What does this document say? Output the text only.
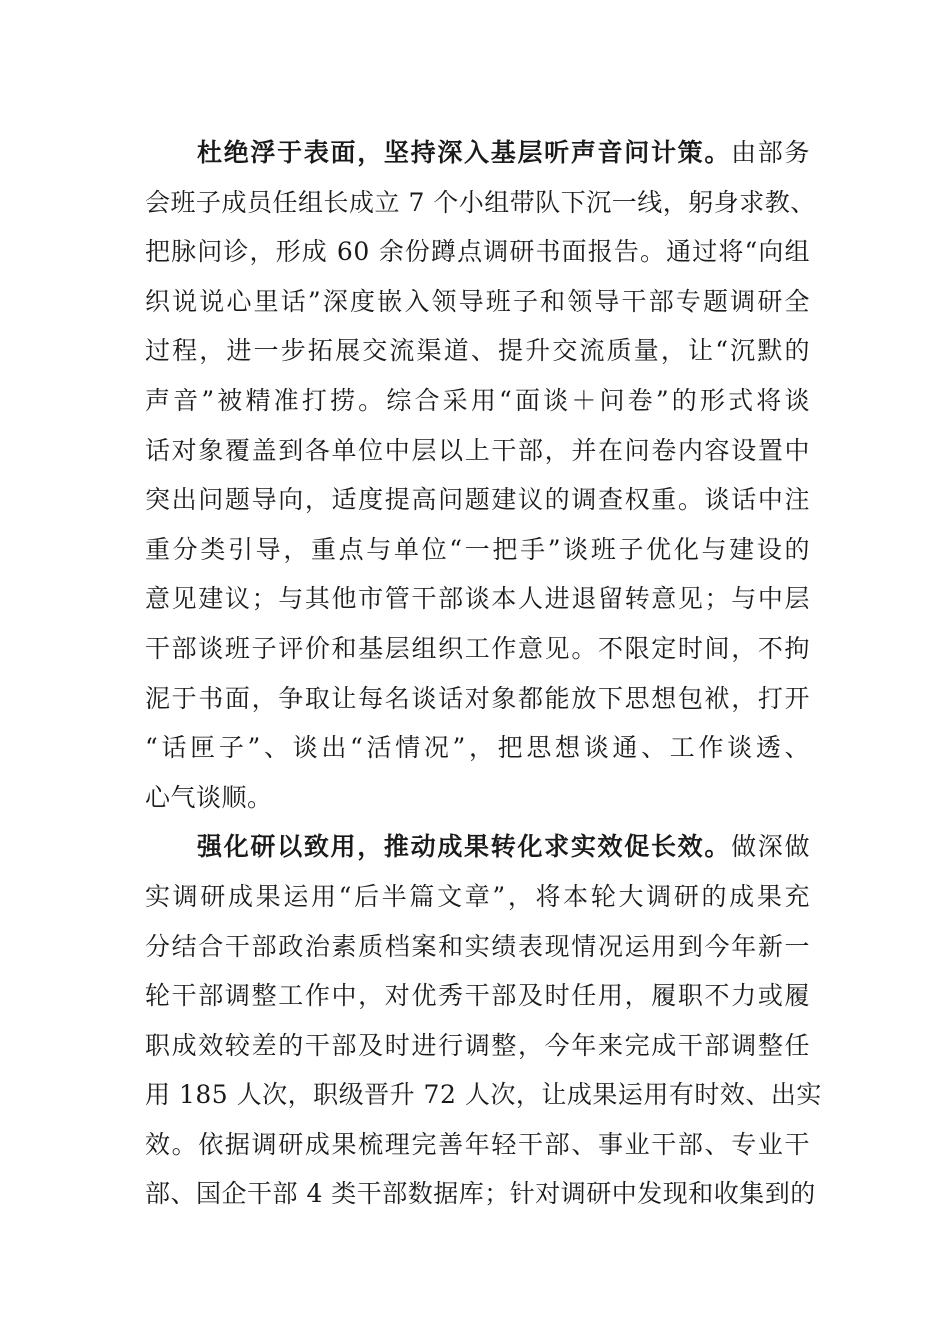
杜绝浮于表面，坚持深入基层听声音问计策。由部务
会班子成员任组长成立 7 个小组带队下沉一线，躬身求教、
把脉问诊，形成 60 余份蹲点调研书面报告。通过将“向组
织说说心里话”深度嵌入领导班子和领导干部专题调研全
过程，进一步拓展交流渠道、提升交流质量，让“沉默的
声音”被精准打捞。综合采用“面谈＋问卷”的形式将谈
话对象覆盖到各单位中层以上干部，并在问卷内容设置中
突出问题导向，适度提高问题建议的调查权重。谈话中注
重分类引导，重点与单位“一把手”谈班子优化与建设的
意见建议；与其他市管干部谈本人进退留转意见；与中层
干部谈班子评价和基层组织工作意见。不限定时间，不拘
泥于书面，争取让每名谈话对象都能放下思想包袱，打开
“话匣子”、谈出“活情况”，把思想谈通、工作谈透、
心气谈顺。
强化研以致用，推动成果转化求实效促长效。做深做
实调研成果运用“后半篇文章”，将本轮大调研的成果充
分结合干部政治素质档案和实绩表现情况运用到今年新一
轮干部调整工作中，对优秀干部及时任用，履职不力或履
职成效较差的干部及时进行调整，今年来完成干部调整任
用 185 人次，职级晋升 72 人次，让成果运用有时效、出实
效。依据调研成果梳理完善年轻干部、事业干部、专业干
部、国企干部 4 类干部数据库；针对调研中发现和收集到的
